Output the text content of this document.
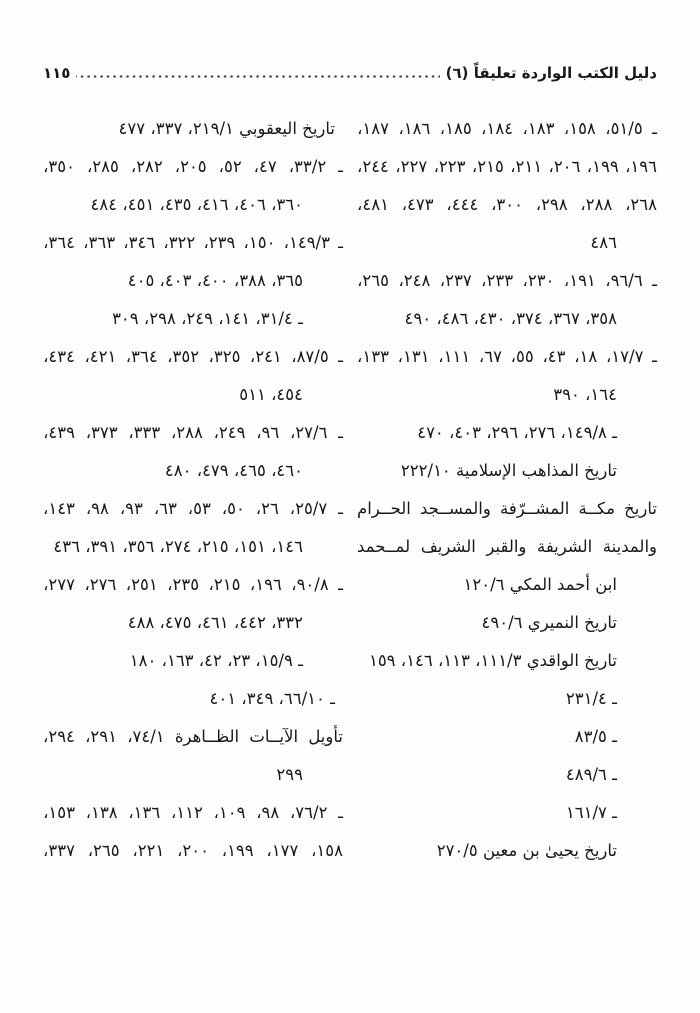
دليل الكتب الواردة تعليقاً (٦)
١١٥
ـ
٥١/٥،
١٥٨،
١٨٣،
١٨٤،
١٨٥،
١٨٦،
١٨٧،
١٩٦،
١٩٩،
٢٠٦،
٢١١،
٢١٥،
٢٢٣،
٢٢٧،
٢٤٤،
٢٦٨،
٢٨٨،
٢٩٨،
٣٠٠،
٤٤٤،
٤٧٣،
٤٨١،
٤٨٦
ـ
٩٦/٦،
١٩١،
٢٣٠،
٢٣٣،
٢٣٧،
٢٤٨،
٢٦٥،
٣٥٨، ٣٦٧، ٣٧٤، ٤٣٠، ٤٨٦، ٤٩٠
ـ
١٧/٧،
١٨،
٤٣،
٥٥،
٦٧،
١١١،
١٣١،
١٣٣،
١٦٤، ٣٩٠
ـ ١٤٩/٨، ٢٧٦، ٢٩٦، ٤٠٣، ٤٧٠
تاريخ المذاهب الإسلامية ٢٢٢/١٠
تاريخ
مكــة
المشــرّفة
والمســجد
الحــرام
والمدينة
الشريفة
والقبر
الشريف
لمــحمد
ابن أحمد المكي ١٢٠/٦
تاريخ النميري ٤٩٠/٦
تاريخ الواقدي ١١١/٣، ١١٣، ١٤٦، ١٥٩
ـ ٢٣١/٤
ـ ٨٣/٥
ـ ٤٨٩/٦
ـ ١٦١/٧
تاريخ يحيىٰ بن معين ٢٧٠/٥
تاريخ اليعقوبي ٢١٩/١، ٣٣٧، ٤٧٧
ـ
٣٣/٢،
٤٧،
٥٢،
٢٠٥،
٢٨٢،
٢٨٥،
٣٥٠،
٣٦٠، ٤٠٦، ٤١٦، ٤٣٥، ٤٥١، ٤٨٤
ـ
١٤٩/٣،
١٥٠،
٢٣٩،
٣٢٢،
٣٤٦،
٣٦٣،
٣٦٤،
٣٦٥، ٣٨٨، ٤٠٠، ٤٠٣، ٤٠٥
ـ ٣١/٤، ١٤١، ٢٤٩، ٢٩٨، ٣٠٩
ـ
٨٧/٥،
٢٤١،
٣٢٥،
٣٥٢،
٣٦٤،
٤٢١،
٤٣٤،
٤٥٤، ٥١١
ـ
٢٧/٦،
٩٦،
٢٤٩،
٢٨٨،
٣٣٣،
٣٧٣،
٤٣٩،
٤٦٠، ٤٦٥، ٤٧٩، ٤٨٠
ـ
٢٥/٧،
٢٦،
٥٠،
٥٣،
٦٣،
٩٣،
٩٨،
١٤٣،
١٤٦، ١٥١، ٢١٥، ٢٧٤، ٣٥٦، ٣٩١، ٤٣٦
ـ
٩٠/٨،
١٩٦،
٢١٥،
٢٣٥،
٢٥١،
٢٧٦،
٢٧٧،
٣٣٢، ٤٤٢، ٤٦١، ٤٧٥، ٤٨٨
ـ ١٥/٩، ٢٣، ٤٢، ١٦٣، ١٨٠
ـ ٦٦/١٠، ٣٤٩، ٤٠١
تأويل
الآيــات
الظــاهرة
٧٤/١،
٢٩١،
٢٩٤،
٢٩٩
ـ
٧٦/٢،
٩٨،
١٠٩،
١١٢،
١٣٦،
١٣٨،
١٥٣،
١٥٨،
١٧٧،
١٩٩،
٢٠٠،
٢٢١،
٢٦٥،
٣٣٧،
